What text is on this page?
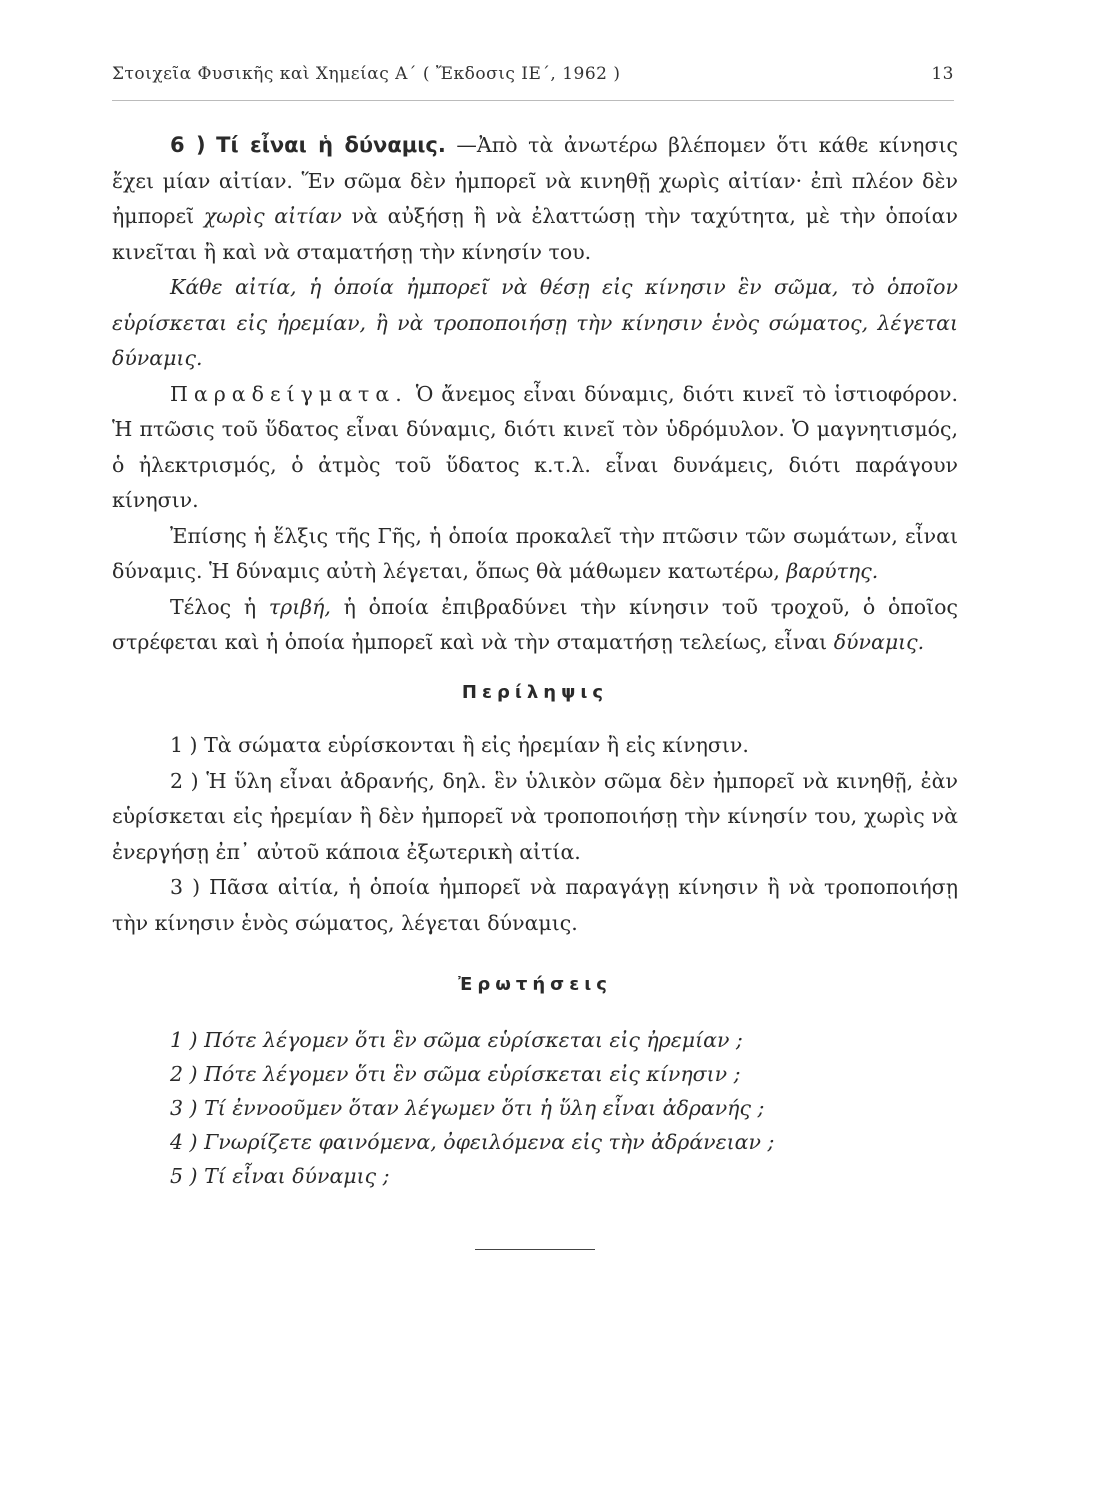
Στοιχεῖα Φυσικῆς καὶ Χημείας Α΄ ( Ἔκδοσις ΙΕ΄, 1962 )	13

6 ) Τί εἶναι ἡ δύναμις. —Ἀπὸ τὰ ἀνωτέρω βλέπομεν ὅτι κάθε κίνησις ἔχει μίαν αἰτίαν. Ἕν σῶμα δὲν ἠμπορεῖ νὰ κινηθῇ χωρὶς αἰτίαν· ἐπὶ πλέον δὲν ἠμπορεῖ χωρὶς αἰτίαν νὰ αὐξήσῃ ἢ νὰ ἐλαττώσῃ τὴν ταχύτητα, μὲ τὴν ὁποίαν κινεῖται ἢ καὶ νὰ σταματήσῃ τὴν κίνησίν του.

Κάθε αἰτία, ἡ ὁποία ἠμπορεῖ νὰ θέσῃ εἰς κίνησιν ἓν σῶμα, τὸ ὁποῖον εὑρίσκεται εἰς ἠρεμίαν, ἢ νὰ τροποποιήσῃ τὴν κίνησιν ἑνὸς σώματος, λέγεται δύναμις.

Παραδείγματα. Ὁ ἄνεμος εἶναι δύναμις, διότι κινεῖ τὸ ἱστιοφόρον. Ἡ πτῶσις τοῦ ὕδατος εἶναι δύναμις, διότι κινεῖ τὸν ὑδρόμυλον. Ὁ μαγνητισμός, ὁ ἠλεκτρισμός, ὁ ἀτμὸς τοῦ ὕδατος κ.τ.λ. εἶναι δυνάμεις, διότι παράγουν κίνησιν.

Ἐπίσης ἡ ἕλξις τῆς Γῆς, ἡ ὁποία προκαλεῖ τὴν πτῶσιν τῶν σωμάτων, εἶναι δύναμις. Ἡ δύναμις αὐτὴ λέγεται, ὅπως θὰ μάθωμεν κατωτέρω, βαρύτης.

Τέλος ἡ τριβή, ἡ ὁποία ἐπιβραδύνει τὴν κίνησιν τοῦ τροχοῦ, ὁ ὁποῖος στρέφεται καὶ ἡ ὁποία ἠμπορεῖ καὶ νὰ τὴν σταματήσῃ τελείως, εἶναι δύναμις.

Περίληψις

1 ) Τὰ σώματα εὑρίσκονται ἢ εἰς ἠρεμίαν ἢ εἰς κίνησιν.

2 ) Ἡ ὕλη εἶναι ἀδρανής, δηλ. ἓν ὑλικὸν σῶμα δὲν ἠμπορεῖ νὰ κινηθῇ, ἐὰν εὑρίσκεται εἰς ἠρεμίαν ἢ δὲν ἠμπορεῖ νὰ τροποποιήσῃ τὴν κίνησίν του, χωρὶς νὰ ἐνεργήσῃ ἐπ᾿ αὐτοῦ κάποια ἐξωτερικὴ αἰτία.

3 ) Πᾶσα αἰτία, ἡ ὁποία ἠμπορεῖ νὰ παραγάγῃ κίνησιν ἢ νὰ τροποποιήσῃ τὴν κίνησιν ἑνὸς σώματος, λέγεται δύναμις.

Ἐρωτήσεις

1 ) Πότε λέγομεν ὅτι ἓν σῶμα εὑρίσκεται εἰς ἠρεμίαν ;

2 ) Πότε λέγομεν ὅτι ἓν σῶμα εὑρίσκεται εἰς κίνησιν ;

3 ) Τί ἐννοοῦμεν ὅταν λέγωμεν ὅτι ἡ ὕλη εἶναι ἀδρανής ;

4 ) Γνωρίζετε φαινόμενα, ὀφειλόμενα εἰς τὴν ἀδράνειαν ;

5 ) Τί εἶναι δύναμις ;
